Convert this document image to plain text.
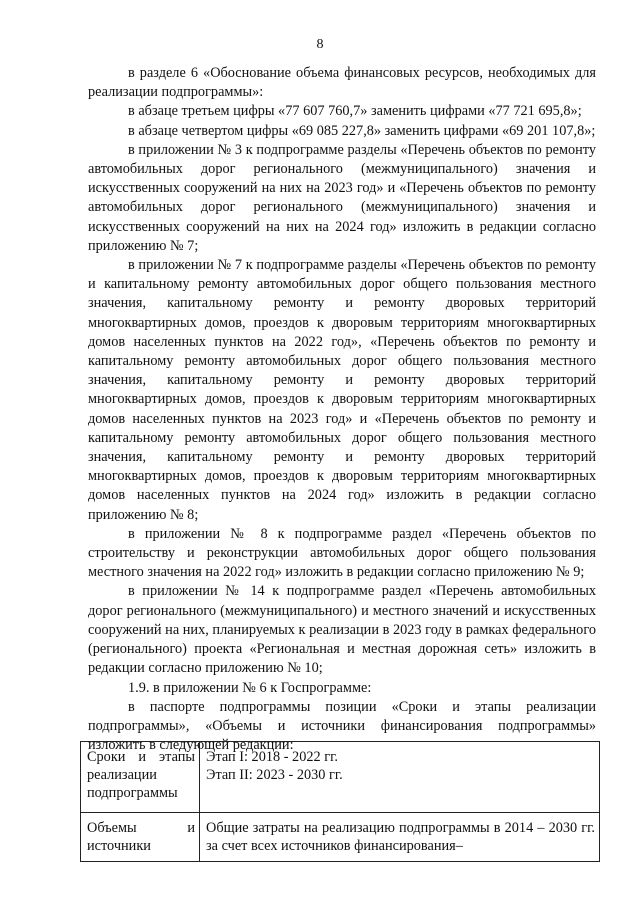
8

в разделе 6 «Обоснование объема финансовых ресурсов, необходимых для реализации подпрограммы»:

в абзаце третьем цифры «77 607 760,7» заменить цифрами «77 721 695,8»;

в абзаце четвертом цифры «69 085 227,8» заменить цифрами «69 201 107,8»;

в приложении № 3 к подпрограмме разделы «Перечень объектов по ремонту автомобильных дорог регионального (межмуниципального) значения и искусственных сооружений на них на 2023 год» и «Перечень объектов по ремонту автомобильных дорог регионального (межмуниципального) значения и искусственных сооружений на них на 2024 год» изложить в редакции согласно приложению № 7;

в приложении № 7 к подпрограмме разделы «Перечень объектов по ремонту и капитальному ремонту автомобильных дорог общего пользования местного значения, капитальному ремонту и ремонту дворовых территорий многоквартирных домов, проездов к дворовым территориям многоквартирных домов населенных пунктов на 2022 год», «Перечень объектов по ремонту и капитальному ремонту автомобильных дорог общего пользования местного значения, капитальному ремонту и ремонту дворовых территорий многоквартирных домов, проездов к дворовым территориям многоквартирных домов населенных пунктов на 2023 год» и «Перечень объектов по ремонту и капитальному ремонту автомобильных дорог общего пользования местного значения, капитальному ремонту и ремонту дворовых территорий многоквартирных домов, проездов к дворовым территориям многоквартирных домов населенных пунктов на 2024 год» изложить в редакции согласно приложению № 8;

в приложении № 8 к подпрограмме раздел «Перечень объектов по строительству и реконструкции автомобильных дорог общего пользования местного значения на 2022 год» изложить в редакции согласно приложению № 9;

в приложении № 14 к подпрограмме раздел «Перечень автомобильных дорог регионального (межмуниципального) и местного значений и искусственных сооружений на них, планируемых к реализации в 2023 году в рамках федерального (регионального) проекта «Региональная и местная дорожная сеть» изложить в редакции согласно приложению № 10;

1.9. в приложении № 6 к Госпрограмме:

в паспорте подпрограммы позиции «Сроки и этапы реализации подпрограммы», «Объемы и источники финансирования подпрограммы» изложить в следующей редакции:

Сроки и этапы реализации подпрограммы	Этап I: 2018 - 2022 гг.
Этап II: 2023 - 2030 гг.

Объемы и источники	Общие затраты на реализацию подпрограммы в 2014 – 2030 гг. за счет всех источников финансирования–
